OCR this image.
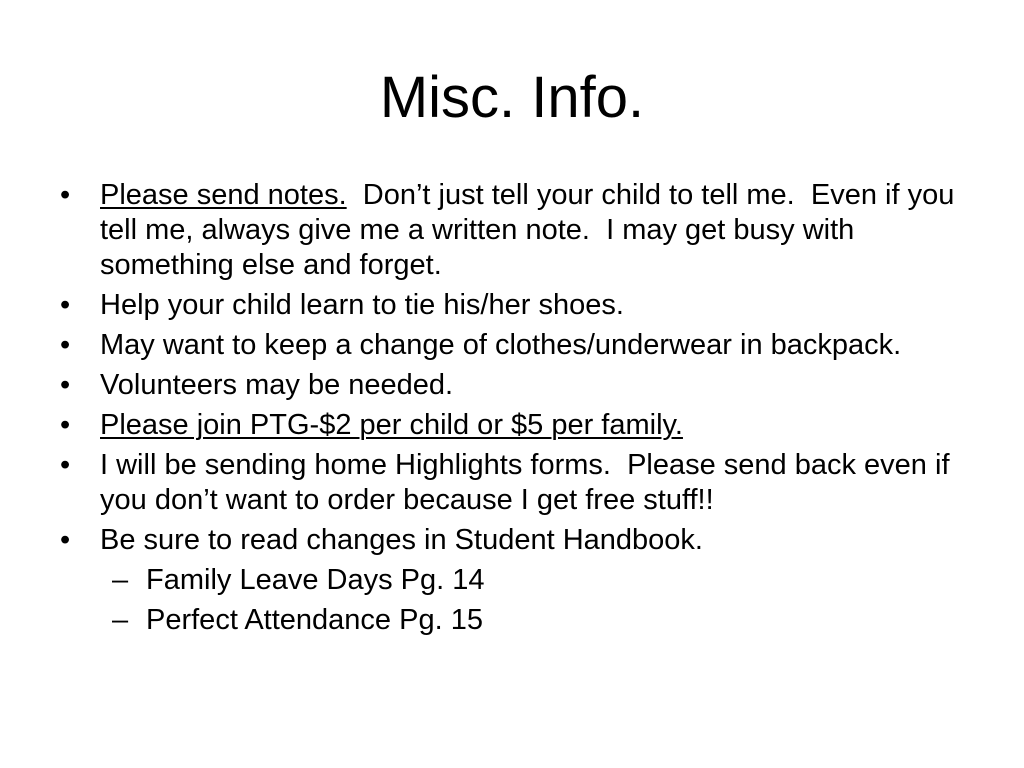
Misc. Info.
• Please send notes.  Don’t just tell your child to tell me.  Even if you tell me, always give me a written note.  I may get busy with something else and forget.
• Help your child learn to tie his/her shoes.
• May want to keep a change of clothes/underwear in backpack.
• Volunteers may be needed.
• Please join PTG-$2 per child or $5 per family.
• I will be sending home Highlights forms.  Please send back even if you don’t want to order because I get free stuff!!
• Be sure to read changes in Student Handbook.
– Family Leave Days Pg. 14
– Perfect Attendance Pg. 15
